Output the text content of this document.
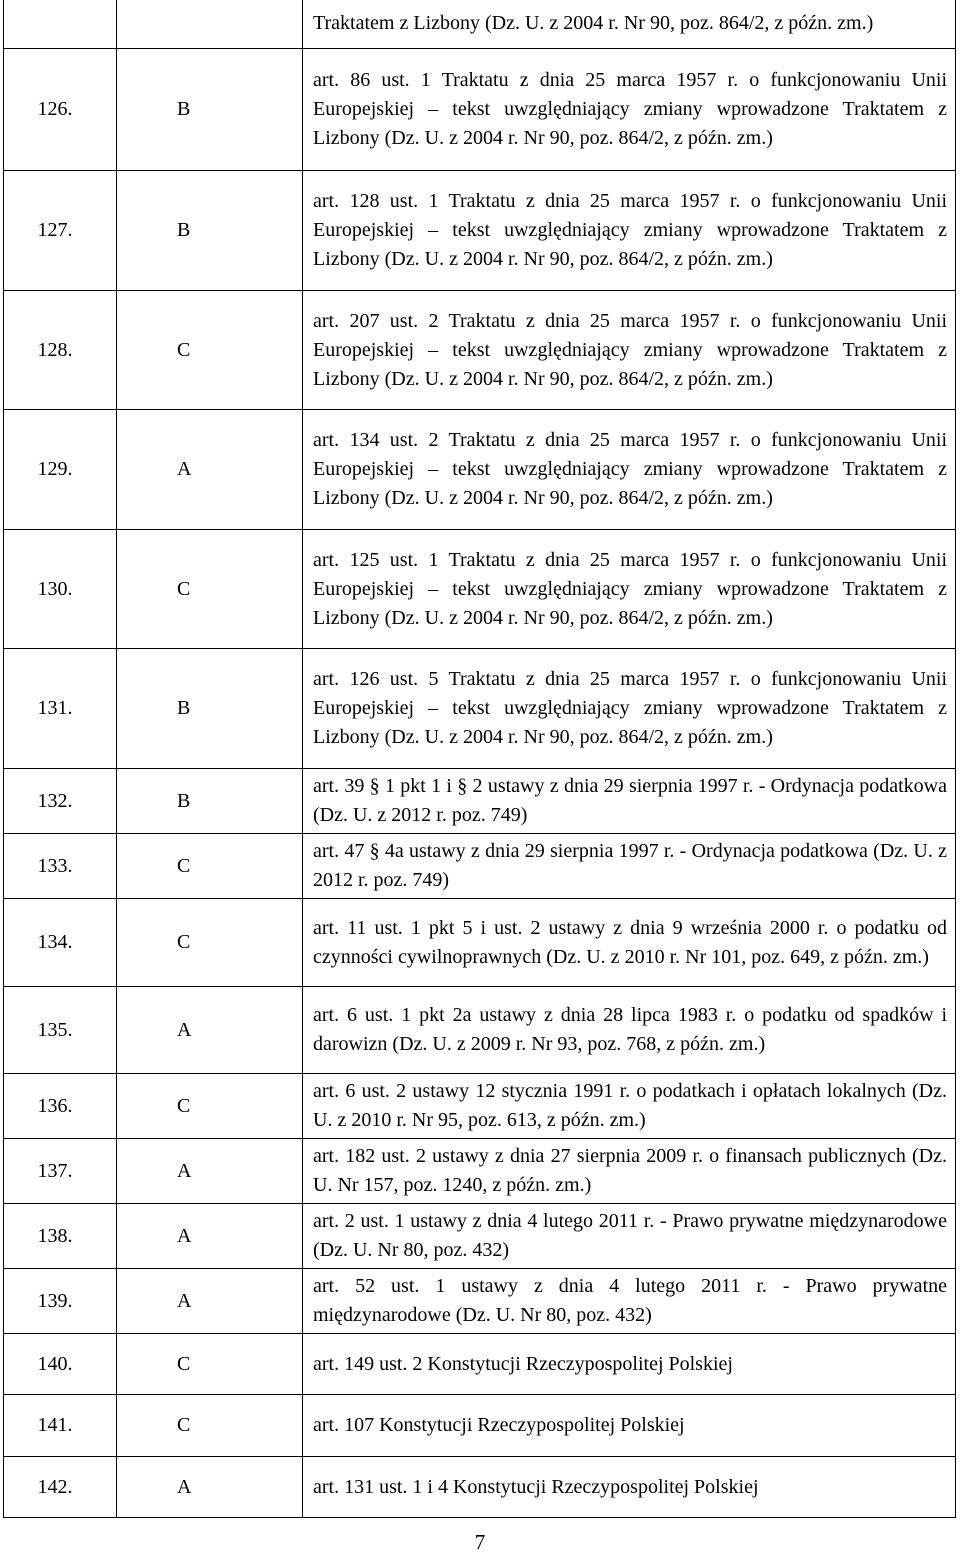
		Traktatem z Lizbony (Dz. U. z 2004 r. Nr 90, poz. 864/2, z późn. zm.)
126.	B	art. 86 ust. 1 Traktatu z dnia 25 marca 1957 r. o funkcjonowaniu Unii Europejskiej – tekst uwzględniający zmiany wprowadzone Traktatem z Lizbony (Dz. U. z 2004 r. Nr 90, poz. 864/2, z późn. zm.)
127.	B	art. 128 ust. 1 Traktatu z dnia 25 marca 1957 r. o funkcjonowaniu Unii Europejskiej – tekst uwzględniający zmiany wprowadzone Traktatem z Lizbony (Dz. U. z 2004 r. Nr 90, poz. 864/2, z późn. zm.)
128.	C	art. 207 ust. 2 Traktatu z dnia 25 marca 1957 r. o funkcjonowaniu Unii Europejskiej – tekst uwzględniający zmiany wprowadzone Traktatem z Lizbony (Dz. U. z 2004 r. Nr 90, poz. 864/2, z późn. zm.)
129.	A	art. 134 ust. 2 Traktatu z dnia 25 marca 1957 r. o funkcjonowaniu Unii Europejskiej – tekst uwzględniający zmiany wprowadzone Traktatem z Lizbony (Dz. U. z 2004 r. Nr 90, poz. 864/2, z późn. zm.)
130.	C	art. 125 ust. 1 Traktatu z dnia 25 marca 1957 r. o funkcjonowaniu Unii Europejskiej – tekst uwzględniający zmiany wprowadzone Traktatem z Lizbony (Dz. U. z 2004 r. Nr 90, poz. 864/2, z późn. zm.)
131.	B	art. 126 ust. 5 Traktatu z dnia 25 marca 1957 r. o funkcjonowaniu Unii Europejskiej – tekst uwzględniający zmiany wprowadzone Traktatem z Lizbony (Dz. U. z 2004 r. Nr 90, poz. 864/2, z późn. zm.)
132.	B	art. 39 § 1 pkt 1 i § 2 ustawy z dnia 29 sierpnia 1997 r. - Ordynacja podatkowa (Dz. U. z 2012 r. poz. 749)
133.	C	art. 47 § 4a ustawy z dnia 29 sierpnia 1997 r. - Ordynacja podatkowa (Dz. U. z 2012 r. poz. 749)
134.	C	art. 11 ust. 1 pkt 5 i ust. 2 ustawy z dnia 9 września 2000 r. o podatku od czynności cywilnoprawnych (Dz. U. z 2010 r. Nr 101, poz. 649, z późn. zm.)
135.	A	art. 6 ust. 1 pkt 2a ustawy z dnia 28 lipca 1983 r. o podatku od spadków i darowizn (Dz. U. z 2009 r. Nr 93, poz. 768, z późn. zm.)
136.	C	art. 6 ust. 2 ustawy 12 stycznia 1991 r. o podatkach i opłatach lokalnych (Dz. U. z 2010 r. Nr 95, poz. 613, z późn. zm.)
137.	A	art. 182 ust. 2 ustawy z dnia 27 sierpnia 2009 r. o finansach publicznych (Dz. U. Nr 157, poz. 1240, z późn. zm.)
138.	A	art. 2 ust. 1 ustawy z dnia 4 lutego 2011 r. - Prawo prywatne międzynarodowe (Dz. U. Nr 80, poz. 432)
139.	A	art. 52 ust. 1 ustawy z dnia 4 lutego 2011 r. - Prawo prywatne międzynarodowe (Dz. U. Nr 80, poz. 432)
140.	C	art. 149 ust. 2 Konstytucji Rzeczypospolitej Polskiej
141.	C	art. 107 Konstytucji Rzeczypospolitej Polskiej
142.	A	art. 131 ust. 1 i 4 Konstytucji Rzeczypospolitej Polskiej
7
